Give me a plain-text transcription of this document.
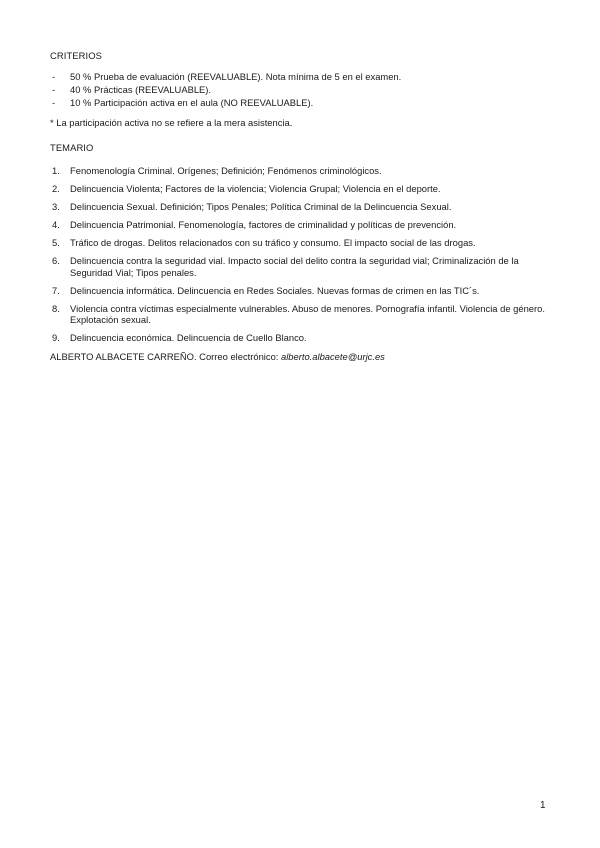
CRITERIOS
- 50 % Prueba de evaluación (REEVALUABLE). Nota mínima de 5 en el examen.
- 40 % Prácticas (REEVALUABLE).
- 10 % Participación activa en el aula (NO REEVALUABLE).

* La participación activa no se refiere a la mera asistencia.

TEMARIO
1. Fenomenología Criminal. Orígenes; Definición; Fenómenos criminológicos.
2. Delincuencia Violenta; Factores de la violencia; Violencia Grupal; Violencia en el deporte.
3. Delincuencia Sexual. Definición; Tipos Penales; Política Criminal de la Delincuencia Sexual.
4. Delincuencia Patrimonial. Fenomenología, factores de criminalidad y políticas de prevención.
5. Tráfico de drogas. Delitos relacionados con su tráfico y consumo. El impacto social de las drogas.
6. Delincuencia contra la seguridad vial. Impacto social del delito contra la seguridad vial; Criminalización de la Seguridad Vial; Tipos penales.
7. Delincuencia informática. Delincuencia en Redes Sociales. Nuevas formas de crimen en las TIC´s.
8. Violencia contra víctimas especialmente vulnerables. Abuso de menores. Pornografía infantil. Violencia de género. Explotación sexual.
9. Delincuencia económica. Delincuencia de Cuello Blanco.

ALBERTO ALBACETE CARREÑO. Correo electrónico: alberto.albacete@urjc.es

1
